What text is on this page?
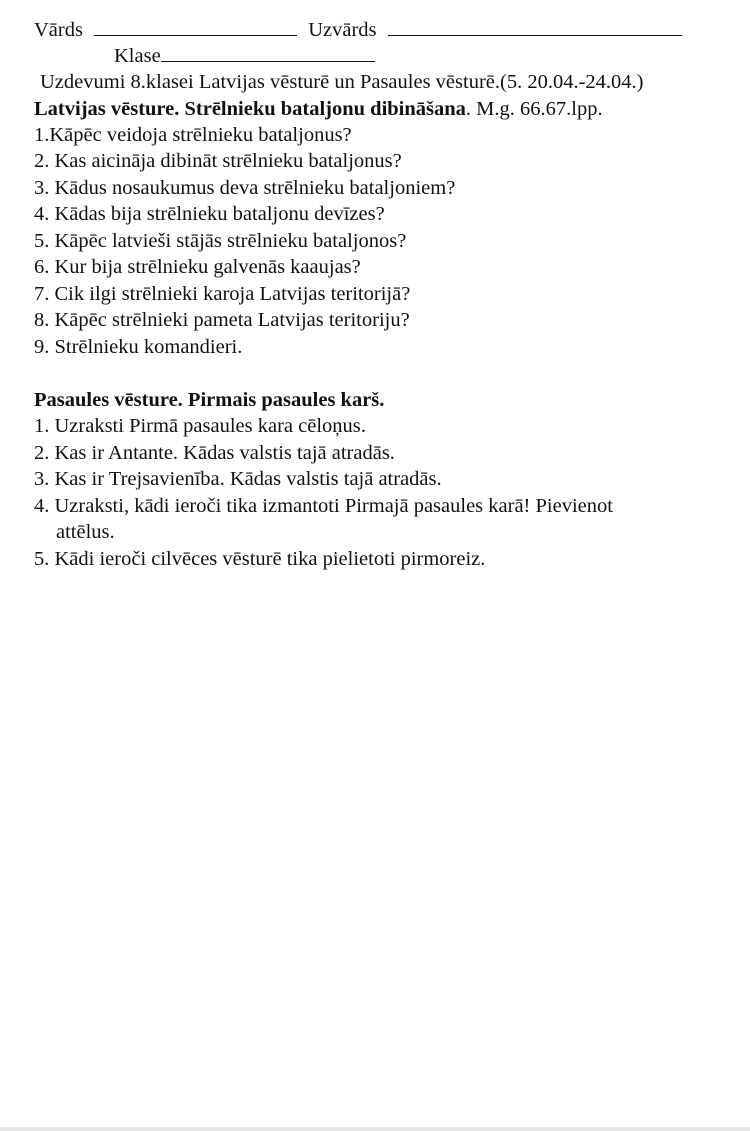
Vārds	Uzvārds
Klase
Uzdevumi 8.klasei Latvijas vēsturē un Pasaules vēsturē.(5. 20.04.-24.04.)
Latvijas vēsture. Strēlnieku bataljonu dibināšana. M.g. 66.67.lpp.
1.Kāpēc veidoja strēlnieku bataljonus?
2. Kas aicināja dibināt strēlnieku bataljonus?
3. Kādus nosaukumus deva strēlnieku bataljoniem?
4. Kādas bija strēlnieku bataljonu devīzes?
5. Kāpēc latvieši stājās strēlnieku bataljonos?
6. Kur bija strēlnieku galvenās kaaujas?
7. Cik ilgi strēlnieki karoja Latvijas teritorijā?
8. Kāpēc strēlnieki pameta Latvijas teritoriju?
9. Strēlnieku komandieri.
Pasaules vēsture. Pirmais pasaules karš.
1. Uzraksti Pirmā pasaules kara cēloņus.
2. Kas ir Antante. Kādas valstis tajā atradās.
3. Kas ir Trejsavienība. Kādas valstis tajā atradās.
4. Uzraksti, kādi ieroči tika izmantoti Pirmajā pasaules karā! Pievienot
attēlus.
5. Kādi ieroči cilvēces vēsturē tika pielietoti pirmoreiz.
